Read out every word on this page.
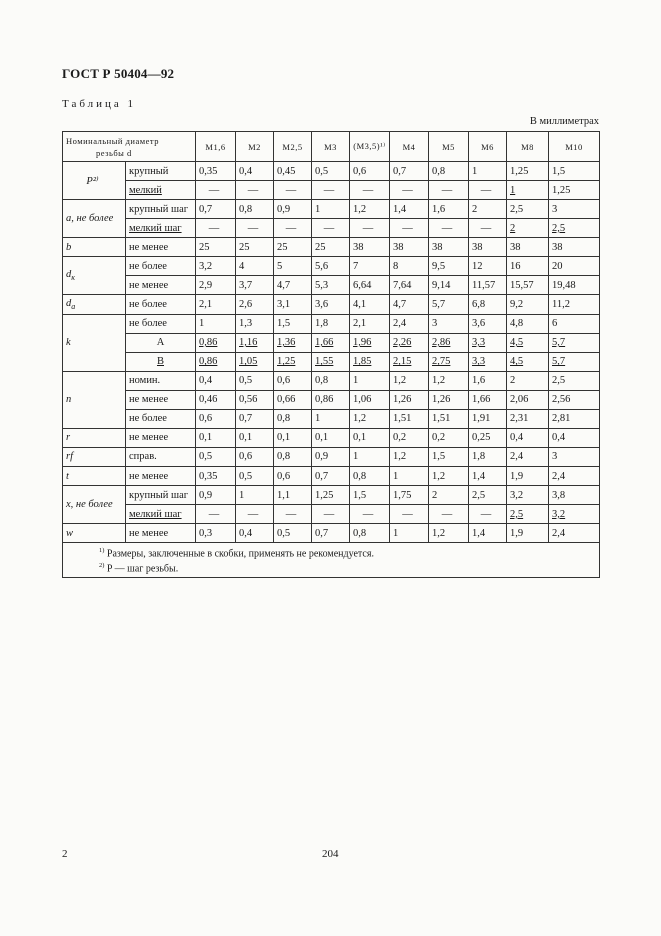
ГОСТ Р 50404—92
Таблица 1
В миллиметрах
Номинальный диаметр
резьбы d		М1,6	М2	М2,5	М3	(М3,5)¹⁾	М4	М5	М6	М8	М10
P²⁾	крупный	0,35	0,4	0,45	0,5	0,6	0,7	0,8	1	1,25	1,5
	мелкий	—	—	—	—	—	—	—	—	1	1,25
а, не более	крупный шаг	0,7	0,8	0,9	1	1,2	1,4	1,6	2	2,5	3
	мелкий шаг	—	—	—	—	—	—	—	—	2	2,5
b	не менее	25	25	25	25	38	38	38	38	38	38
$d_к$	не более	3,2	4	5	5,6	7	8	9,5	12	16	20
	не менее	2,9	3,7	4,7	5,3	6,64	7,64	9,14	11,57	15,57	19,48
$d_а$	не более	2,1	2,6	3,1	3,6	4,1	4,7	5,7	6,8	9,2	11,2
k	не более	1	1,3	1,5	1,8	2,1	2,4	3	3,6	4,8	6
	А	0,86	1,16	1,36	1,66	1,96	2,26	2,86	3,3	4,5	5,7
	В	0,86	1,05	1,25	1,55	1,85	2,15	2,75	3,3	4,5	5,7
n	номин.	0,4	0,5	0,6	0,8	1	1,2	1,2	1,6	2	2,5
	не менее	0,46	0,56	0,66	0,86	1,06	1,26	1,26	1,66	2,06	2,56
	не более	0,6	0,7	0,8	1	1,2	1,51	1,51	1,91	2,31	2,81
r	не менее	0,1	0,1	0,1	0,1	0,1	0,2	0,2	0,25	0,4	0,4
rf	справ.	0,5	0,6	0,8	0,9	1	1,2	1,5	1,8	2,4	3
t	не менее	0,35	0,5	0,6	0,7	0,8	1	1,2	1,4	1,9	2,4
x, не более	крупный шаг	0,9	1	1,1	1,25	1,5	1,75	2	2,5	3,2	3,8
	мелкий шаг	—	—	—	—	—	—	—	—	2,5	3,2
w	не менее	0,3	0,4	0,5	0,7	0,8	1	1,2	1,4	1,9	2,4

$^{1)}$ Размеры, заключенные в скобки, применять не рекомендуется.
$^{2)}$ P — шаг резьбы.											
2	204
